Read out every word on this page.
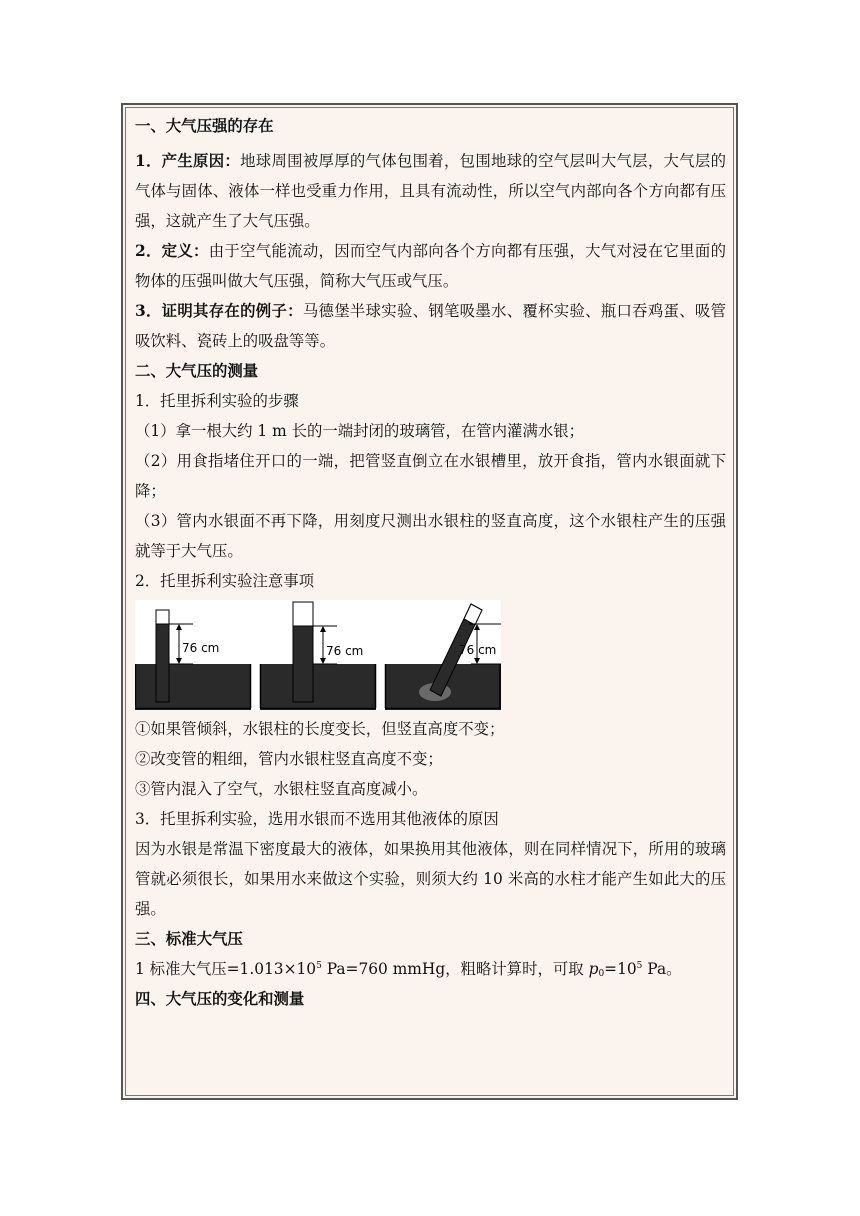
一、大气压强的存在
1．产生原因：地球周围被厚厚的气体包围着，包围地球的空气层叫大气层，大气层的气体与固体、液体一样也受重力作用，且具有流动性，所以空气内部向各个方向都有压强，这就产生了大气压强。
2．定义：由于空气能流动，因而空气内部向各个方向都有压强，大气对浸在它里面的物体的压强叫做大气压强，简称大气压或气压。
3．证明其存在的例子：马德堡半球实验、钢笔吸墨水、覆杯实验、瓶口吞鸡蛋、吸管吸饮料、瓷砖上的吸盘等等。
二、大气压的测量
1．托里拆利实验的步骤
（1）拿一根大约 1 m 长的一端封闭的玻璃管，在管内灌满水银；
（2）用食指堵住开口的一端，把管竖直倒立在水银槽里，放开食指，管内水银面就下降；
（3）管内水银面不再下降，用刻度尺测出水银柱的竖直高度，这个水银柱产生的压强就等于大气压。
2．托里拆利实验注意事项
76 cm	76 cm	76 cm
①如果管倾斜，水银柱的长度变长，但竖直高度不变；
②改变管的粗细，管内水银柱竖直高度不变；
③管内混入了空气，水银柱竖直高度减小。
3．托里拆利实验，选用水银而不选用其他液体的原因
因为水银是常温下密度最大的液体，如果换用其他液体，则在同样情况下，所用的玻璃管就必须很长，如果用水来做这个实验，则须大约 10 米高的水柱才能产生如此大的压强。
三、标准大气压
1 标准大气压$=1.013\times 10^5$ Pa=760 mmHg，粗略计算时，可取 $p_0=10^5$ Pa。
四、大气压的变化和测量
